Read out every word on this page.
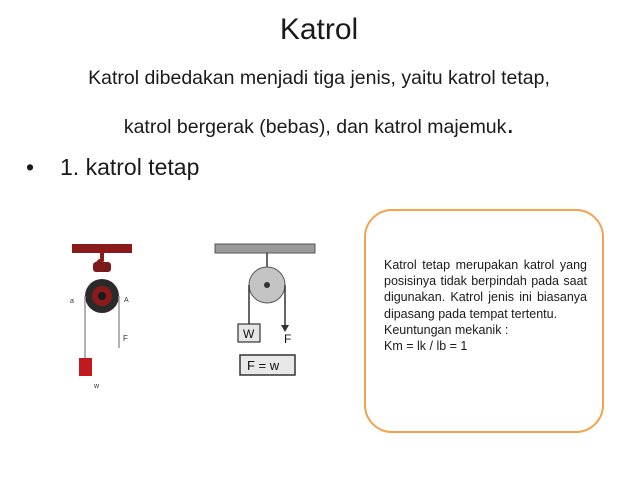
Katrol
Katrol dibedakan menjadi tiga jenis, yaitu katrol tetap,
katrol bergerak (bebas), dan katrol majemuk.
• 1. katrol tetap
a	A
F
w
W F
F = w
Katrol tetap merupakan katrol yang posisinya tidak berpindah pada saat digunakan. Katrol jenis ini biasanya dipasang pada tempat tertentu.

Keuntungan mekanik :

Km = lk / lb = 1
